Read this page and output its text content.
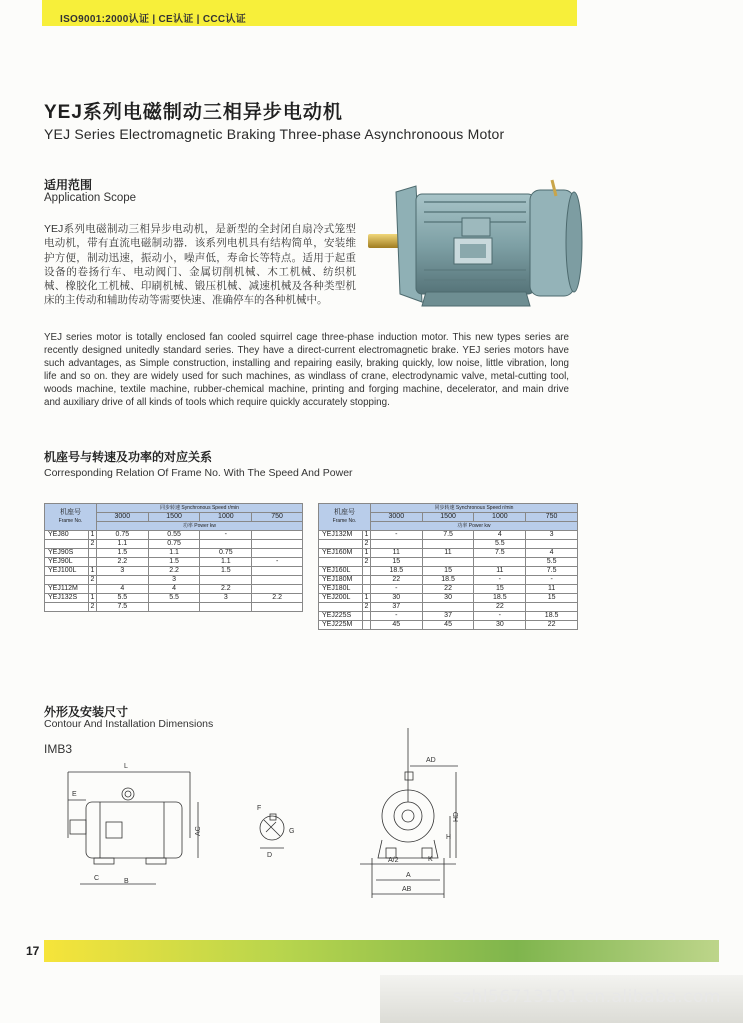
ISO9001:2000认证 | CE认证 | CCC认证
YEJ系列电磁制动三相异步电动机
YEJ Series Electromagnetic Braking Three-phase Asynchronoous Motor
适用范围
Application Scope
YEJ系列电磁制动三相异步电动机，是新型的全封闭自扇冷式笼型电动机，带有直流电磁制动器．该系列电机具有结构简单，安装维护方便，制动迅速，振动小，噪声低，寿命长等特点。适用于起重设备的卷扬行车、电动阀门、金属切削机械、木工机械、纺织机械、橡胶化工机械、印刷机械、锻压机械、减速机械及各种类型机床的主传动和辅助传动等需要快速、准确停车的各种机械中。
YEJ series motor is totally enclosed fan cooled squirrel cage three-phase induction motor. This new types series are recently designed unitedly standard series. They have a direct-current electromagnetic brake. YEJ series motors have such advantages, as Simple construction, installing and repairing easily, braking quickly, low noise, little vibration, long life and so on. they are widely used for such machines, as windlass of crane, electrodynamic valve, metal-cutting tool, woods machine, textile machine, rubber-chemical machine, printing and forging machine, decelerator, and main drive and auxiliary drive of all kinds of tools which require quickly accurately stopping.
机座号与转速及功率的对应关系
Corresponding Relation Of Frame No. With The Speed And Power
机座号
Frame No.		同步转速 Synchronous Speed r/min			
		3000	1500	1000	750
		功率 Power kw			
YEJ80	1	0.75	0.55	-	
	2	1.1	0.75		
YEJ90S		1.5	1.1	0.75	
YEJ90L		2.2	1.5	1.1	-
YEJ100L	1	3	2.2	1.5	
	2		3		
YEJ112M		4	4	2.2	
YEJ132S	1	5.5	5.5	3	2.2
	2	7.5			
机座号
Frame No.		同步转速 Synchronous Speed r/min			
		3000	1500	1000	750
		功率 Power kw			
YEJ132M	1	-	7.5	4	3
	2			5.5	
YEJ160M	1	11	11	7.5	4
	2	15			5.5
YEJ160L		18.5	15	11	7.5
YEJ180M		22	18.5	-	-
YEJ180L		-	22	15	11
YEJ200L	1	30	30	18.5	15
	2	37		22	
YEJ225S		-	37	-	18.5
YEJ225M		45	45	30	22
外形及安装尺寸
Contour And Installation Dimensions
IMB3
L
E
AC
C	B
F
G
D
AD
A/2	K
A
AB
HD
H
17
szhl56713101.cn.alibaba.com
